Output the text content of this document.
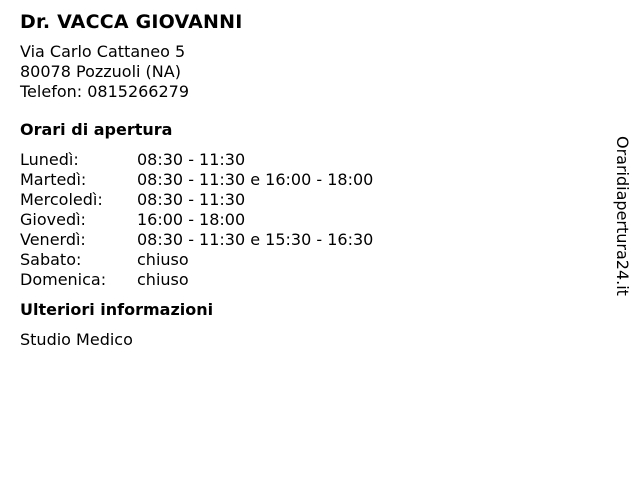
Dr. VACCA GIOVANNI
Via Carlo Cattaneo 5
80078 Pozzuoli (NA)
Telefon: 0815266279
Orari di apertura
Lunedì:	08:30 - 11:30
Martedì:	08:30 - 11:30 e 16:00 - 18:00
Mercoledì:	08:30 - 11:30
Giovedì:	16:00 - 18:00
Venerdì:	08:30 - 11:30 e 15:30 - 16:30
Sabato:	chiuso
Domenica:	chiuso
Ulteriori informazioni
Studio Medico
Oraridiapertura24.it
